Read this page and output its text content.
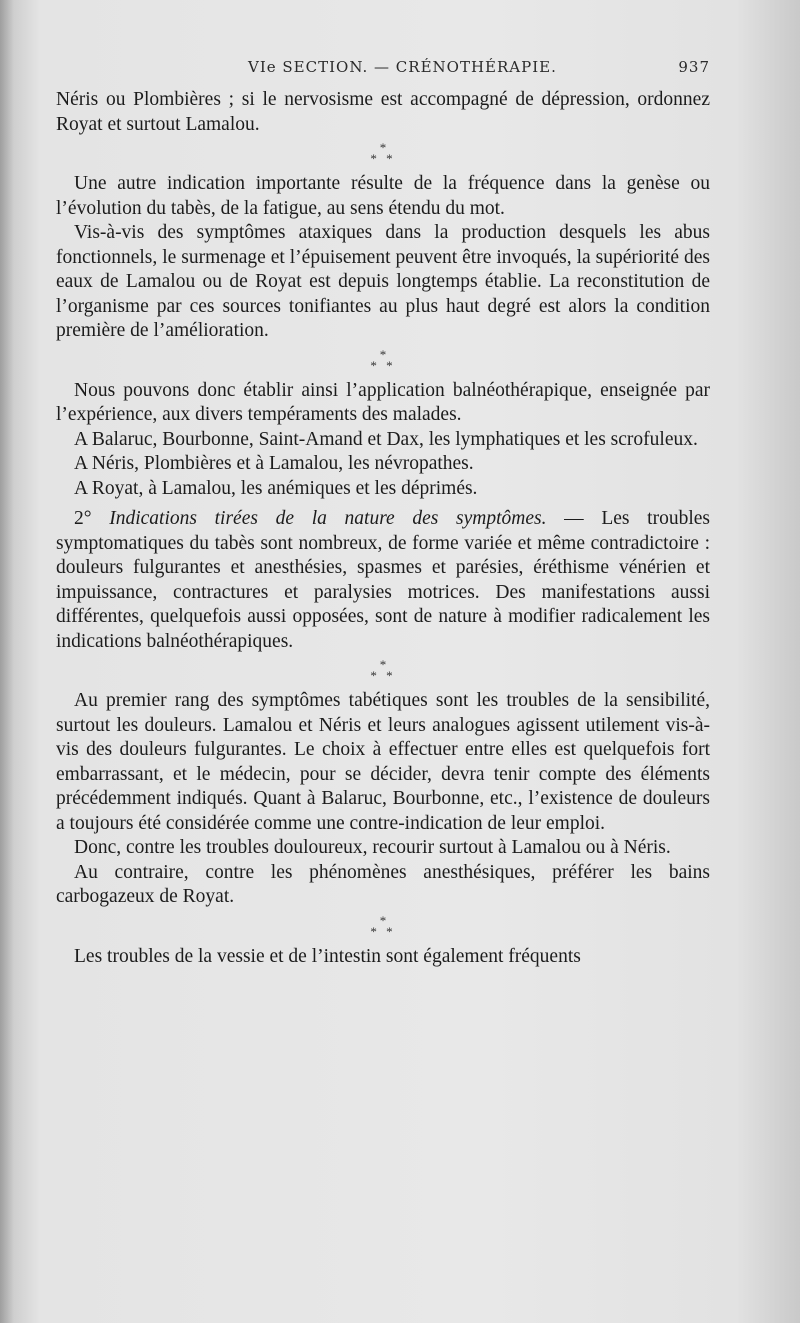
VIe SECTION. — CRÉNOTHÉRAPIE.	937

Néris ou Plombières ; si le nervosisme est accompagné de dépression, ordonnez Royat et surtout Lamalou.

*
* *

Une autre indication importante résulte de la fréquence dans la genèse ou l’évolution du tabès, de la fatigue, au sens étendu du mot.

Vis-à-vis des symptômes ataxiques dans la production desquels les abus fonctionnels, le surmenage et l’épuisement peuvent être invoqués, la supériorité des eaux de Lamalou ou de Royat est depuis longtemps établie. La reconstitution de l’organisme par ces sources tonifiantes au plus haut degré est alors la condition première de l’amélioration.

*
* *

Nous pouvons donc établir ainsi l’application balnéothérapique, enseignée par l’expérience, aux divers tempéraments des malades.

A Balaruc, Bourbonne, Saint-Amand et Dax, les lymphatiques et les scrofuleux.

A Néris, Plombières et à Lamalou, les névropathes.

A Royat, à Lamalou, les anémiques et les déprimés.

2° Indications tirées de la nature des symptômes. — Les troubles symptomatiques du tabès sont nombreux, de forme variée et même contradictoire : douleurs fulgurantes et anesthésies, spasmes et parésies, éréthisme vénérien et impuissance, contractures et paralysies motrices. Des manifestations aussi différentes, quelquefois aussi opposées, sont de nature à modifier radicalement les indications balnéothérapiques.

*
* *

Au premier rang des symptômes tabétiques sont les troubles de la sensibilité, surtout les douleurs. Lamalou et Néris et leurs analogues agissent utilement vis-à-vis des douleurs fulgurantes. Le choix à effectuer entre elles est quelquefois fort embarrassant, et le médecin, pour se décider, devra tenir compte des éléments précédemment indiqués. Quant à Balaruc, Bourbonne, etc., l’existence de douleurs a toujours été considérée comme une contre-indication de leur emploi.

Donc, contre les troubles douloureux, recourir surtout à Lamalou ou à Néris.

Au contraire, contre les phénomènes anesthésiques, préférer les bains carbogazeux de Royat.

*
* *

Les troubles de la vessie et de l’intestin sont également fréquents
